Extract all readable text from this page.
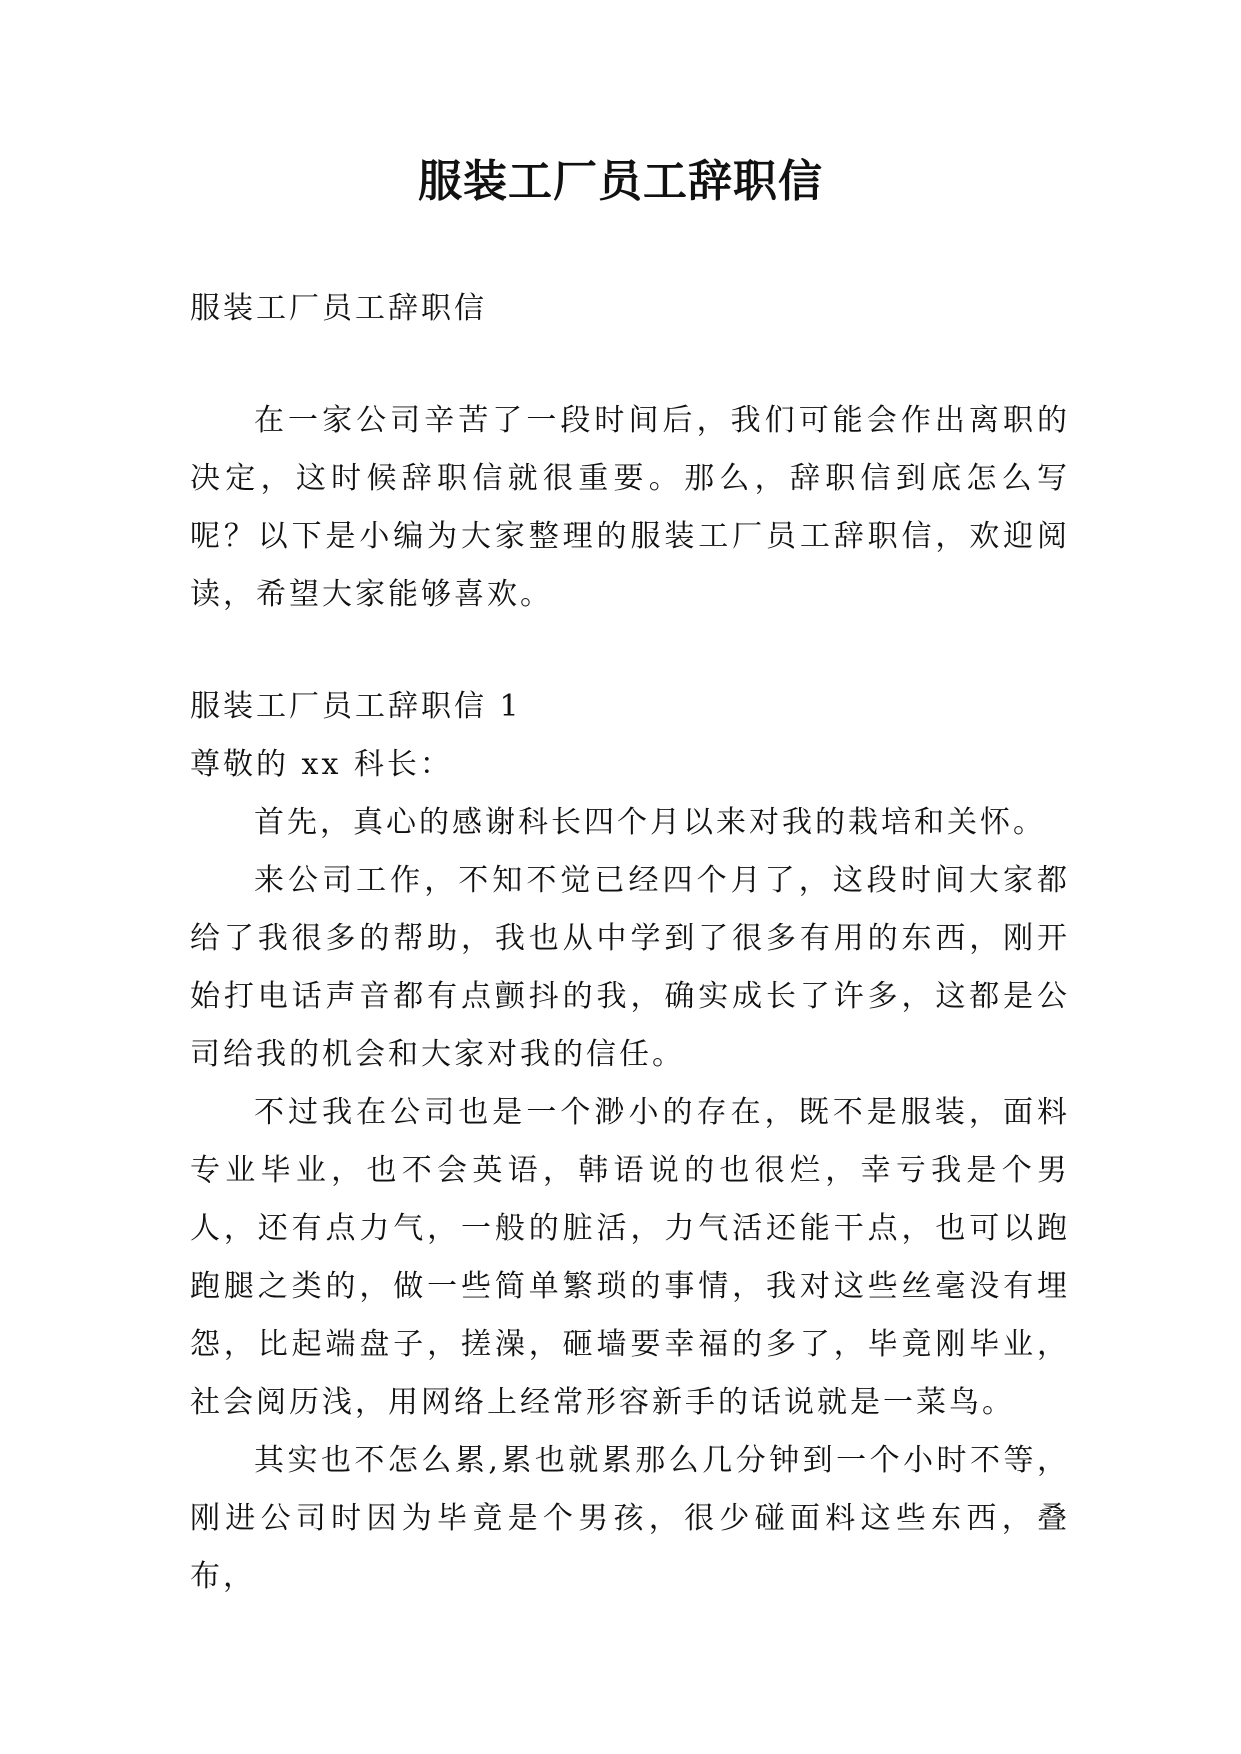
服装工厂员工辞职信

服装工厂员工辞职信

在一家公司辛苦了一段时间后，我们可能会作出离职的决定，这时候辞职信就很重要。那么，辞职信到底怎么写呢？以下是小编为大家整理的服装工厂员工辞职信，欢迎阅读，希望大家能够喜欢。

服装工厂员工辞职信 1

尊敬的 xx 科长：

首先，真心的感谢科长四个月以来对我的栽培和关怀。

来公司工作，不知不觉已经四个月了，这段时间大家都给了我很多的帮助，我也从中学到了很多有用的东西，刚开始打电话声音都有点颤抖的我，确实成长了许多，这都是公司给我的机会和大家对我的信任。

不过我在公司也是一个渺小的存在，既不是服装，面料专业毕业，也不会英语，韩语说的也很烂，幸亏我是个男人，还有点力气，一般的脏活，力气活还能干点，也可以跑跑腿之类的，做一些简单繁琐的事情，我对这些丝毫没有埋怨，比起端盘子，搓澡，砸墙要幸福的多了，毕竟刚毕业，社会阅历浅，用网络上经常形容新手的话说就是一菜鸟。

其实也不怎么累,累也就累那么几分钟到一个小时不等，刚进公司时因为毕竟是个男孩，很少碰面料这些东西，叠布，
